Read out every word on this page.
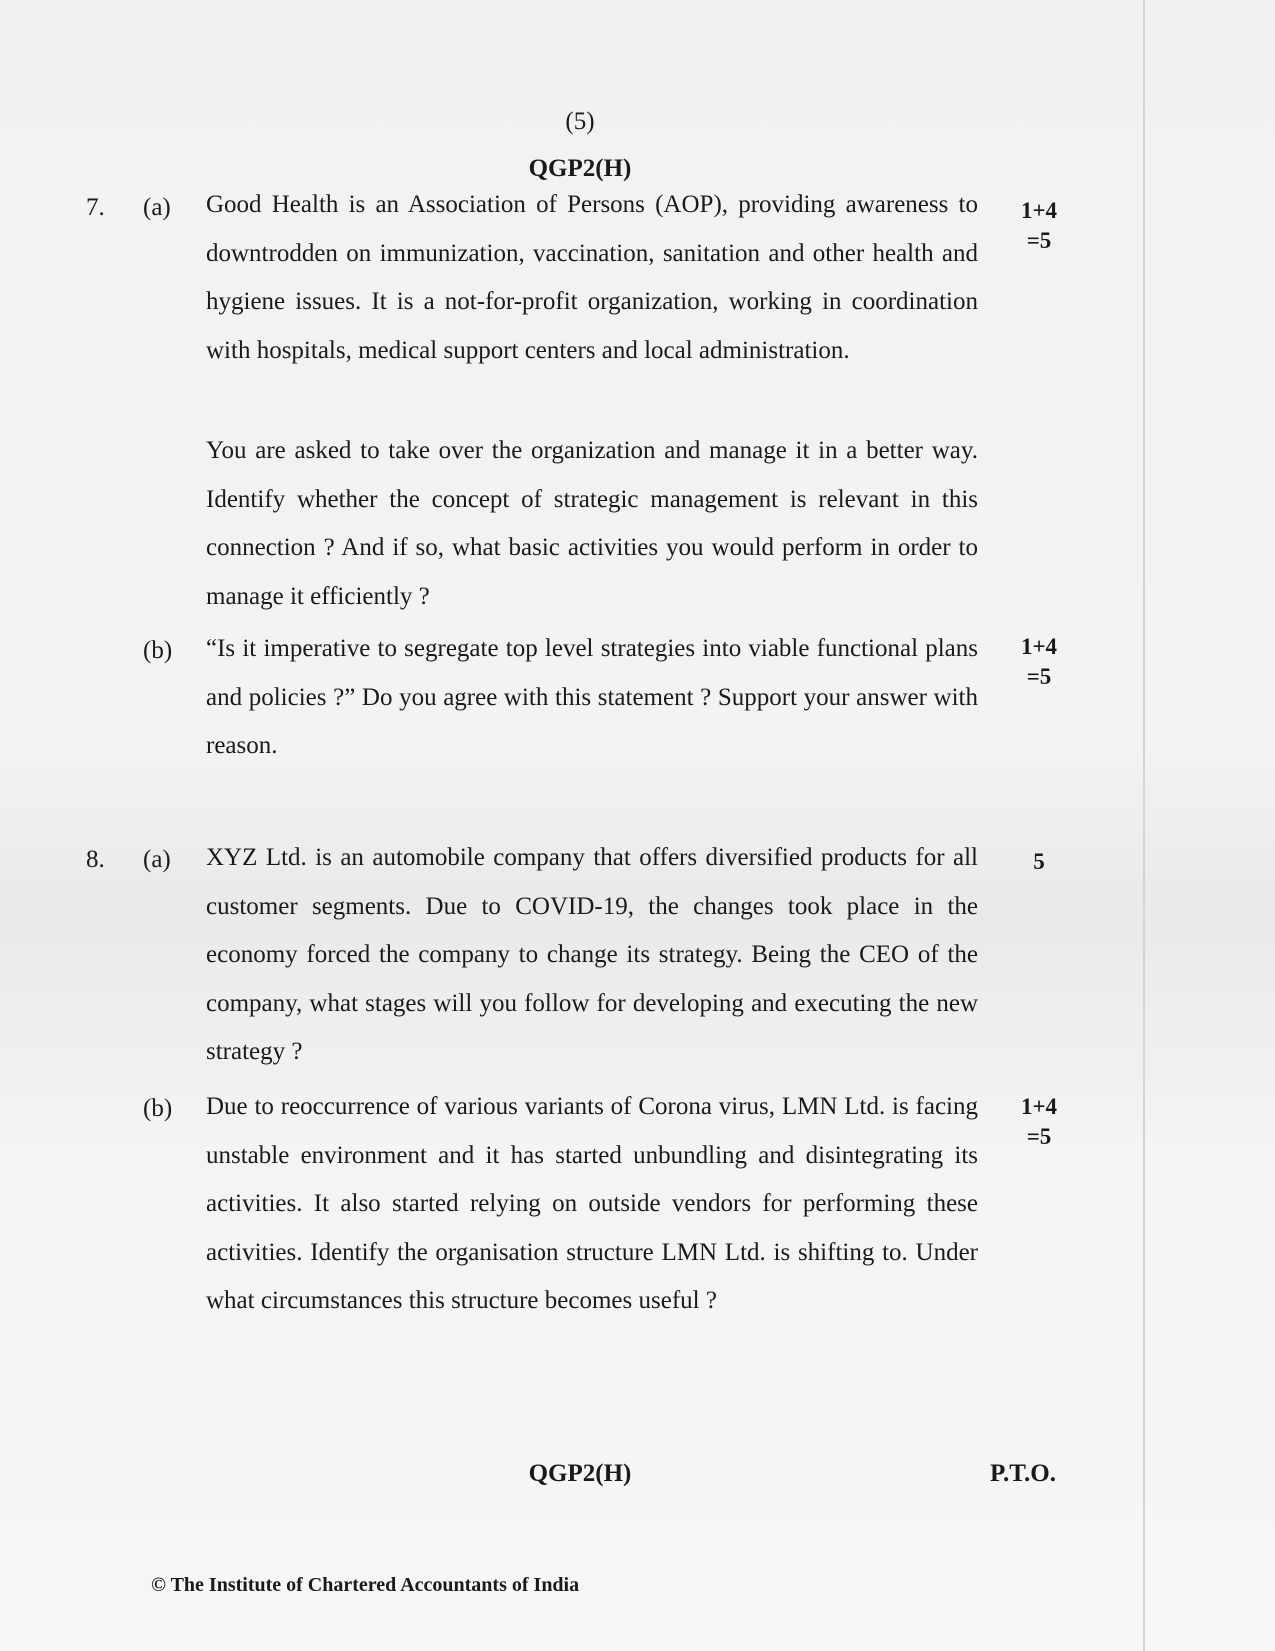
(5)
QGP2(H)
7. (a) Good Health is an Association of Persons (AOP), providing awareness to downtrodden on immunization, vaccination, sanitation and other health and hygiene issues. It is a not-for-profit organization, working in coordination with hospitals, medical support centers and local administration.

You are asked to take over the organization and manage it in a better way. Identify whether the concept of strategic management is relevant in this connection ? And if so, what basic activities you would perform in order to manage it efficiently ?

1+4
=5
(b) “Is it imperative to segregate top level strategies into viable functional plans and policies ?” Do you agree with this statement ? Support your answer with reason.

1+4
=5
8. (a) XYZ Ltd. is an automobile company that offers diversified products for all customer segments. Due to COVID-19, the changes took place in the economy forced the company to change its strategy. Being the CEO of the company, what stages will you follow for developing and executing the new strategy ?

5
(b) Due to reoccurrence of various variants of Corona virus, LMN Ltd. is facing unstable environment and it has started unbundling and disintegrating its activities. It also started relying on outside vendors for performing these activities. Identify the organisation structure LMN Ltd. is shifting to. Under what circumstances this structure becomes useful ?

1+4
=5
QGP2(H)	P.T.O.
© The Institute of Chartered Accountants of India
